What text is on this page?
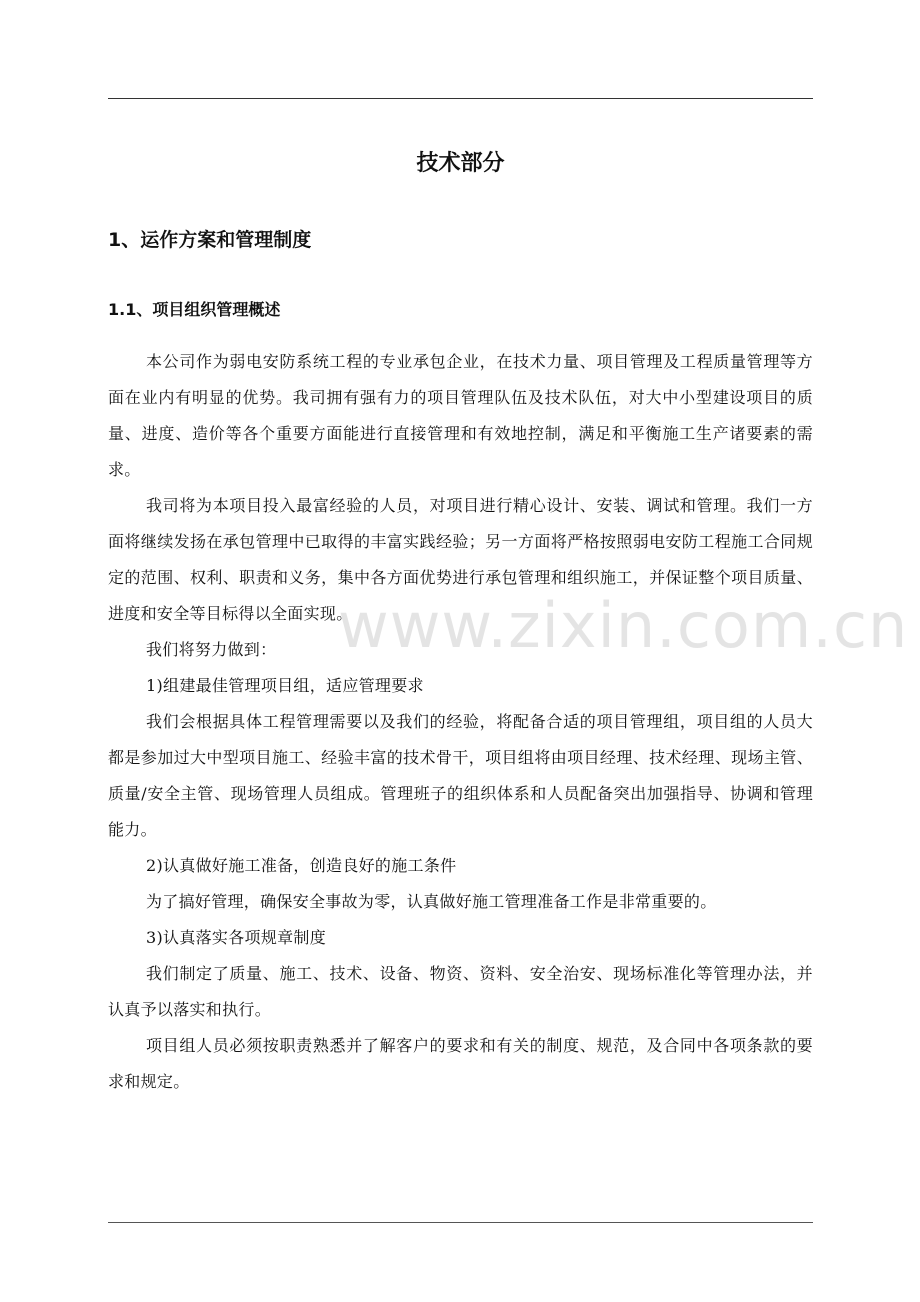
技术部分
1、运作方案和管理制度
1.1、项目组织管理概述

本公司作为弱电安防系统工程的专业承包企业，在技术力量、项目管理及工程质量管理等方面在业内有明显的优势。我司拥有强有力的项目管理队伍及技术队伍，对大中小型建设项目的质量、进度、造价等各个重要方面能进行直接管理和有效地控制，满足和平衡施工生产诸要素的需求。

我司将为本项目投入最富经验的人员，对项目进行精心设计、安装、调试和管理。我们一方面将继续发扬在承包管理中已取得的丰富实践经验；另一方面将严格按照弱电安防工程施工合同规定的范围、权利、职责和义务，集中各方面优势进行承包管理和组织施工，并保证整个项目质量、进度和安全等目标得以全面实现。

我们将努力做到：

1)组建最佳管理项目组，适应管理要求

我们会根据具体工程管理需要以及我们的经验，将配备合适的项目管理组，项目组的人员大都是参加过大中型项目施工、经验丰富的技术骨干，项目组将由项目经理、技术经理、现场主管、质量/安全主管、现场管理人员组成。管理班子的组织体系和人员配备突出加强指导、协调和管理能力。

2)认真做好施工准备，创造良好的施工条件

为了搞好管理，确保安全事故为零，认真做好施工管理准备工作是非常重要的。

3)认真落实各项规章制度

我们制定了质量、施工、技术、设备、物资、资料、安全治安、现场标准化等管理办法，并认真予以落实和执行。

项目组人员必须按职责熟悉并了解客户的要求和有关的制度、规范，及合同中各项条款的要求和规定。

www.zixin.com.cn
